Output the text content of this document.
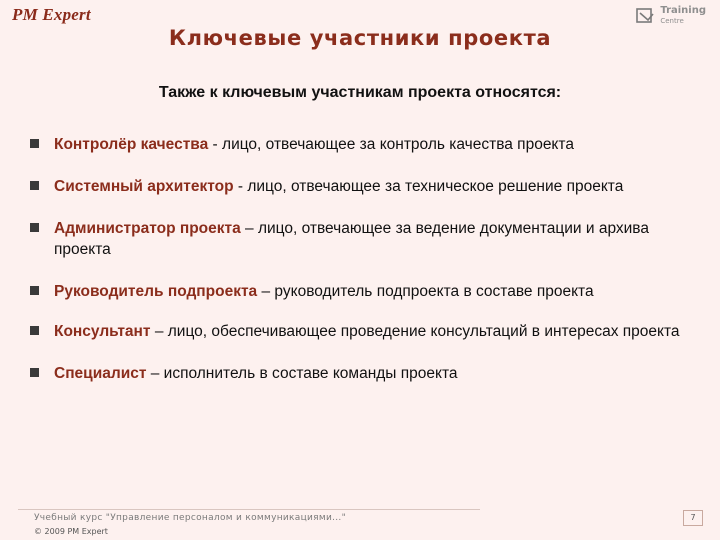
PM Expert	Training
Centre
Ключевые участники проекта
Также к ключевым участникам проекта относятся:
Контролёр качества - лицо, отвечающее за контроль качества проекта
Системный архитектор - лицо, отвечающее за техническое решение проекта
Администратор проекта – лицо, отвечающее за ведение документации и архива проекта
Руководитель подпроекта – руководитель подпроекта в составе проекта
Консультант – лицо, обеспечивающее проведение консультаций в интересах проекта
Специалист – исполнитель в составе команды проекта
Учебный курс "Управление персоналом и коммуникациями..."
© 2009 PM Expert
7
